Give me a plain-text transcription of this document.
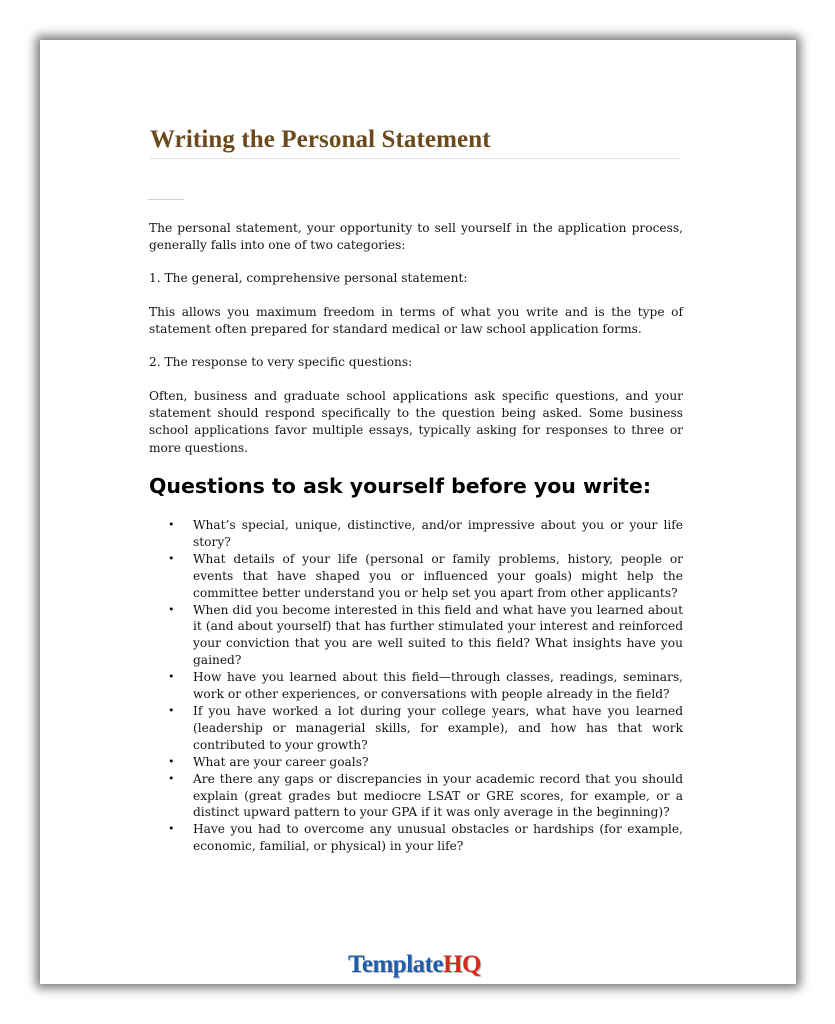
Writing the Personal Statement

The personal statement, your opportunity to sell yourself in the application process, generally falls into one of two categories:

1. The general, comprehensive personal statement:

This allows you maximum freedom in terms of what you write and is the type of statement often prepared for standard medical or law school application forms.

2. The response to very specific questions:

Often, business and graduate school applications ask specific questions, and your statement should respond specifically to the question being asked. Some business school applications favor multiple essays, typically asking for responses to three or more questions.

Questions to ask yourself before you write:
• What’s special, unique, distinctive, and/or impressive about you or your life story?
• What details of your life (personal or family problems, history, people or events that have shaped you or influenced your goals) might help the committee better understand you or help set you apart from other applicants?
• When did you become interested in this field and what have you learned about it (and about yourself) that has further stimulated your interest and reinforced your conviction that you are well suited to this field? What insights have you gained?
• How have you learned about this field—through classes, readings, seminars, work or other experiences, or conversations with people already in the field?
• If you have worked a lot during your college years, what have you learned (leadership or managerial skills, for example), and how has that work contributed to your growth?
• What are your career goals?
• Are there any gaps or discrepancies in your academic record that you should explain (great grades but mediocre LSAT or GRE scores, for example, or a distinct upward pattern to your GPA if it was only average in the beginning)?
• Have you had to overcome any unusual obstacles or hardships (for example, economic, familial, or physical) in your life?
TemplateHQ
